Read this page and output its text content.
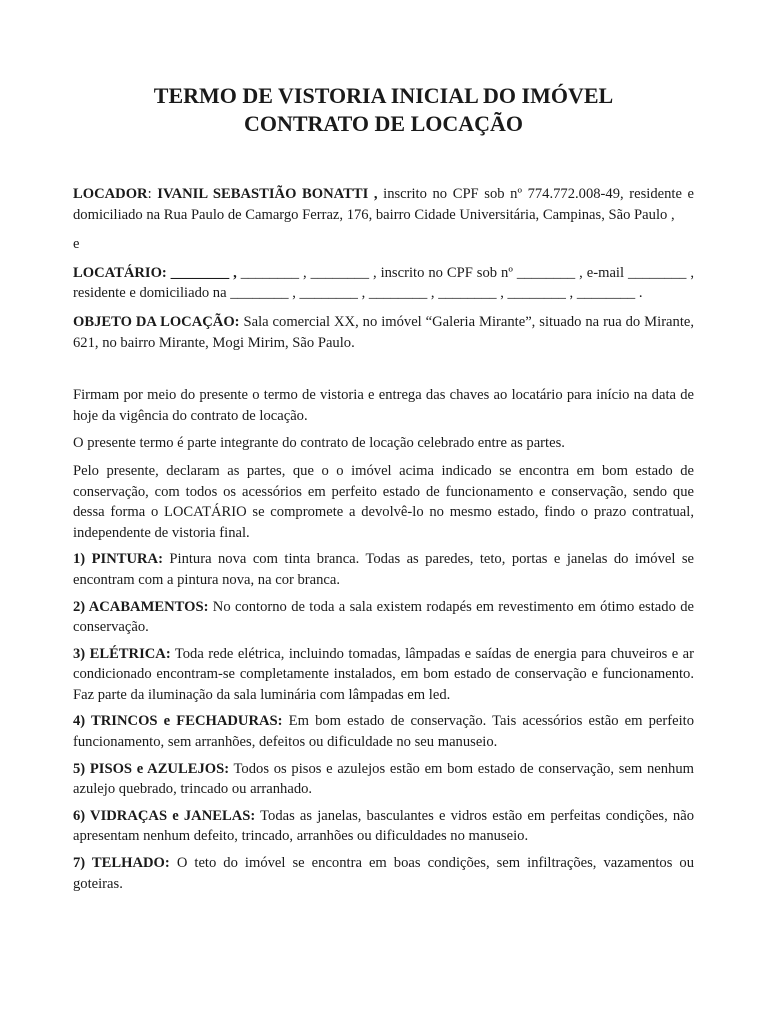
TERMO DE VISTORIA INICIAL DO IMÓVEL

CONTRATO DE LOCAÇÃO

LOCADOR: IVANIL SEBASTIÃO BONATTI , inscrito no CPF sob nº 774.772.008-49, residente e domiciliado na Rua Paulo de Camargo Ferraz, 176, bairro Cidade Universitária, Campinas, São Paulo ,

e

LOCATÁRIO: ________ , ________ , ________ , inscrito no CPF sob nº ________ , e-mail ________ , residente e domiciliado na ________ , ________ , ________ , ________ , ________ , ________ .

OBJETO DA LOCAÇÃO: Sala comercial XX, no imóvel “Galeria Mirante”, situado na rua do Mirante, 621, no bairro Mirante, Mogi Mirim, São Paulo.

Firmam por meio do presente o termo de vistoria e entrega das chaves ao locatário para início na data de hoje da vigência do contrato de locação.

O presente termo é parte integrante do contrato de locação celebrado entre as partes.

Pelo presente, declaram as partes, que o o imóvel acima indicado se encontra em bom estado de conservação, com todos os acessórios em perfeito estado de funcionamento e conservação, sendo que dessa forma o LOCATÁRIO se compromete a devolvê-lo no mesmo estado, findo o prazo contratual, independente de vistoria final.

1) PINTURA: Pintura nova com tinta branca. Todas as paredes, teto, portas e janelas do imóvel se encontram com a pintura nova, na cor branca.

2) ACABAMENTOS: No contorno de toda a sala existem rodapés em revestimento em ótimo estado de conservação.

3) ELÉTRICA: Toda rede elétrica, incluindo tomadas, lâmpadas e saídas de energia para chuveiros e ar condicionado encontram-se completamente instalados, em bom estado de conservação e funcionamento. Faz parte da iluminação da sala luminária com lâmpadas em led.

4) TRINCOS e FECHADURAS: Em bom estado de conservação. Tais acessórios estão em perfeito funcionamento, sem arranhões, defeitos ou dificuldade no seu manuseio.

5) PISOS e AZULEJOS: Todos os pisos e azulejos estão em bom estado de conservação, sem nenhum azulejo quebrado, trincado ou arranhado.

6) VIDRAÇAS e JANELAS: Todas as janelas, basculantes e vidros estão em perfeitas condições, não apresentam nenhum defeito, trincado, arranhões ou dificuldades no manuseio.

7) TELHADO: O teto do imóvel se encontra em boas condições, sem infiltrações, vazamentos ou goteiras.
